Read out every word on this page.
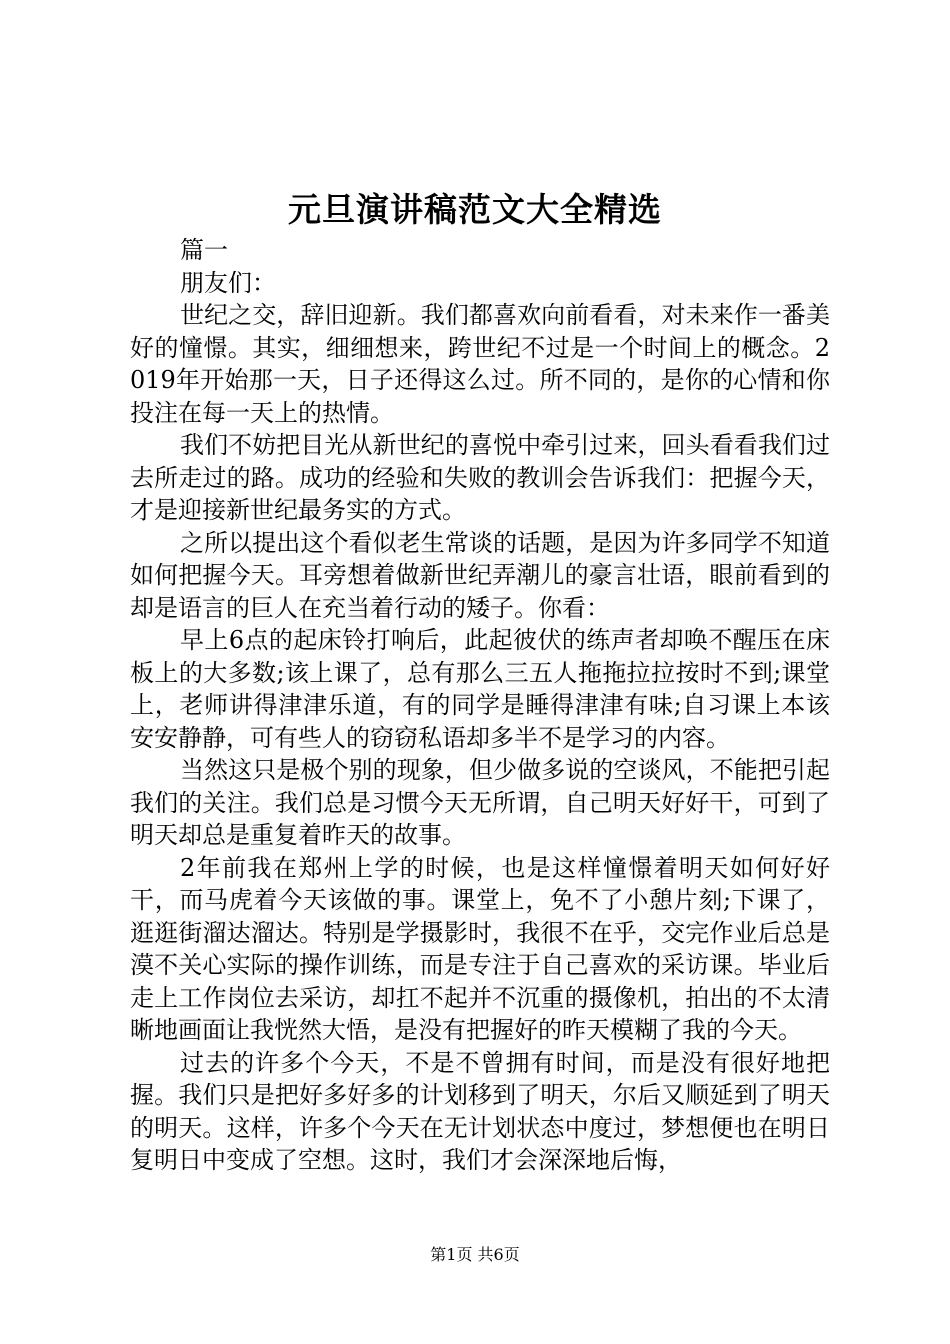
元旦演讲稿范文大全精选

篇一

朋友们：

世纪之交，辞旧迎新。我们都喜欢向前看看，对未来作一番美好的憧憬。其实，细细想来，跨世纪不过是一个时间上的概念。2019年开始那一天，日子还得这么过。所不同的，是你的心情和你投注在每一天上的热情。

我们不妨把目光从新世纪的喜悦中牵引过来，回头看看我们过去所走过的路。成功的经验和失败的教训会告诉我们：把握今天，才是迎接新世纪最务实的方式。

之所以提出这个看似老生常谈的话题，是因为许多同学不知道如何把握今天。耳旁想着做新世纪弄潮儿的豪言壮语，眼前看到的却是语言的巨人在充当着行动的矮子。你看：

早上6点的起床铃打响后，此起彼伏的练声者却唤不醒压在床板上的大多数;该上课了，总有那么三五人拖拖拉拉按时不到;课堂上，老师讲得津津乐道，有的同学是睡得津津有味;自习课上本该安安静静，可有些人的窃窃私语却多半不是学习的内容。

当然这只是极个别的现象，但少做多说的空谈风，不能把引起我们的关注。我们总是习惯今天无所谓，自己明天好好干，可到了明天却总是重复着昨天的故事。

2年前我在郑州上学的时候，也是这样憧憬着明天如何好好干，而马虎着今天该做的事。课堂上，免不了小憩片刻;下课了，逛逛街溜达溜达。特别是学摄影时，我很不在乎，交完作业后总是漠不关心实际的操作训练，而是专注于自己喜欢的采访课。毕业后走上工作岗位去采访，却扛不起并不沉重的摄像机，拍出的不太清晰地画面让我恍然大悟，是没有把握好的昨天模糊了我的今天。

过去的许多个今天，不是不曾拥有时间，而是没有很好地把握。我们只是把好多好多的计划移到了明天，尔后又顺延到了明天的明天。这样，许多个今天在无计划状态中度过，梦想便也在明日复明日中变成了空想。这时，我们才会深深地后悔，

第1页 共6页
